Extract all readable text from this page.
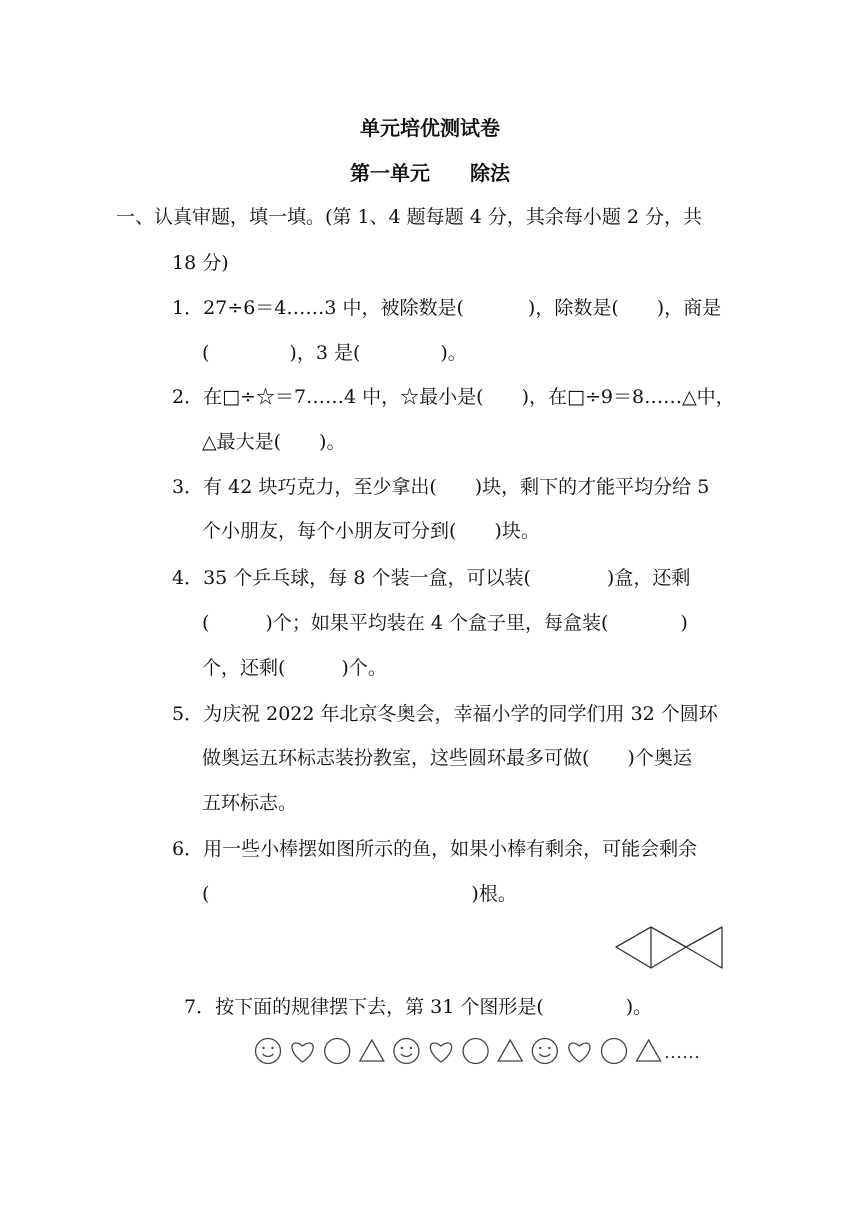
单元培优测试卷
第一单元　　除法
一、认真审题，填一填。(第 1、4 题每题 4 分，其余每小题 2 分，共
18 分)
1．27÷6＝4……3 中，被除数是(	)，除数是( )，商是
(	)，3 是(	)。
2．在□÷☆＝7……4 中，☆最小是( )，在□÷9＝8……△中，
△最大是( )。
3．有 42 块巧克力，至少拿出( )块，剩下的才能平均分给 5
个小朋友，每个小朋友可分到( )块。
4．35 个乒乓球，每 8 个装一盒，可以装(	)盒，还剩
(	)个；如果平均装在 4 个盒子里，每盒装(	)
个，还剩(	)个。
5．为庆祝 2022 年北京冬奥会，幸福小学的同学们用 32 个圆环
做奥运五环标志装扮教室，这些圆环最多可做( )个奥运
五环标志。
6．用一些小棒摆如图所示的鱼，如果小棒有剩余，可能会剩余
(	)根。
7．按下面的规律摆下去，第 31 个图形是(	)。
……
